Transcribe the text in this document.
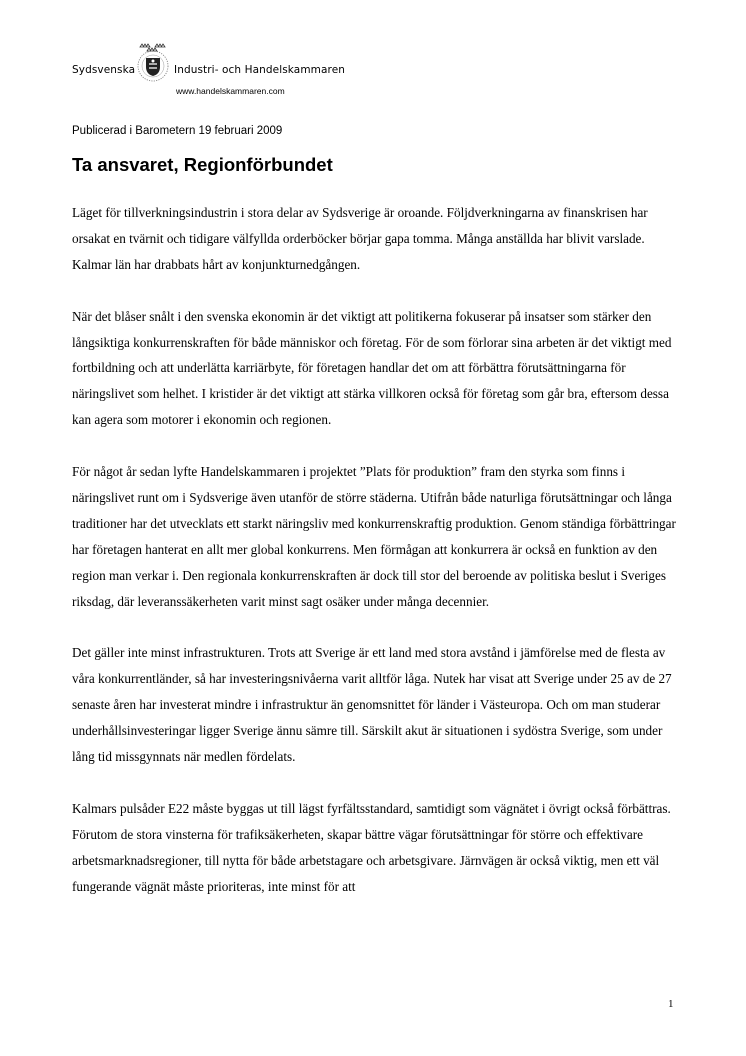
Sydsvenska	Industri- och Handelskammaren
www.handelskammaren.com
Publicerad i Barometern 19 februari 2009
Ta ansvaret, Regionförbundet

Läget för tillverkningsindustrin i stora delar av Sydsverige är oroande. Följdverkningarna av finanskrisen har orsakat en tvärnit och tidigare välfyllda orderböcker börjar gapa tomma. Många anställda har blivit varslade. Kalmar län har drabbats hårt av konjunkturnedgången.

När det blåser snålt i den svenska ekonomin är det viktigt att politikerna fokuserar på insatser som stärker den långsiktiga konkurrenskraften för både människor och företag. För de som förlorar sina arbeten är det viktigt med fortbildning och att underlätta karriärbyte, för företagen handlar det om att förbättra förutsättningarna för näringslivet som helhet. I kristider är det viktigt att stärka villkoren också för företag som går bra, eftersom dessa kan agera som motorer i ekonomin och regionen.

För något år sedan lyfte Handelskammaren i projektet ”Plats för produktion” fram den styrka som finns i näringslivet runt om i Sydsverige även utanför de större städerna. Utifrån både naturliga förutsättningar och långa traditioner har det utvecklats ett starkt näringsliv med konkurrenskraftig produktion. Genom ständiga förbättringar har företagen hanterat en allt mer global konkurrens. Men förmågan att konkurrera är också en funktion av den region man verkar i. Den regionala konkurrenskraften är dock till stor del beroende av politiska beslut i Sveriges riksdag, där leveranssäkerheten varit minst sagt osäker under många decennier.

Det gäller inte minst infrastrukturen. Trots att Sverige är ett land med stora avstånd i jämförelse med de flesta av våra konkurrentländer, så har investeringsnivåerna varit alltför låga. Nutek har visat att Sverige under 25 av de 27 senaste åren har investerat mindre i infrastruktur än genomsnittet för länder i Västeuropa. Och om man studerar underhållsinvesteringar ligger Sverige ännu sämre till. Särskilt akut är situationen i sydöstra Sverige, som under lång tid missgynnats när medlen fördelats.

Kalmars pulsåder E22 måste byggas ut till lägst fyrfältsstandard, samtidigt som vägnätet i övrigt också förbättras. Förutom de stora vinsterna för trafiksäkerheten, skapar bättre vägar förutsättningar för större och effektivare arbetsmarknadsregioner, till nytta för både arbetstagare och arbetsgivare. Järnvägen är också viktig, men ett väl fungerande vägnät måste prioriteras, inte minst för att

1
